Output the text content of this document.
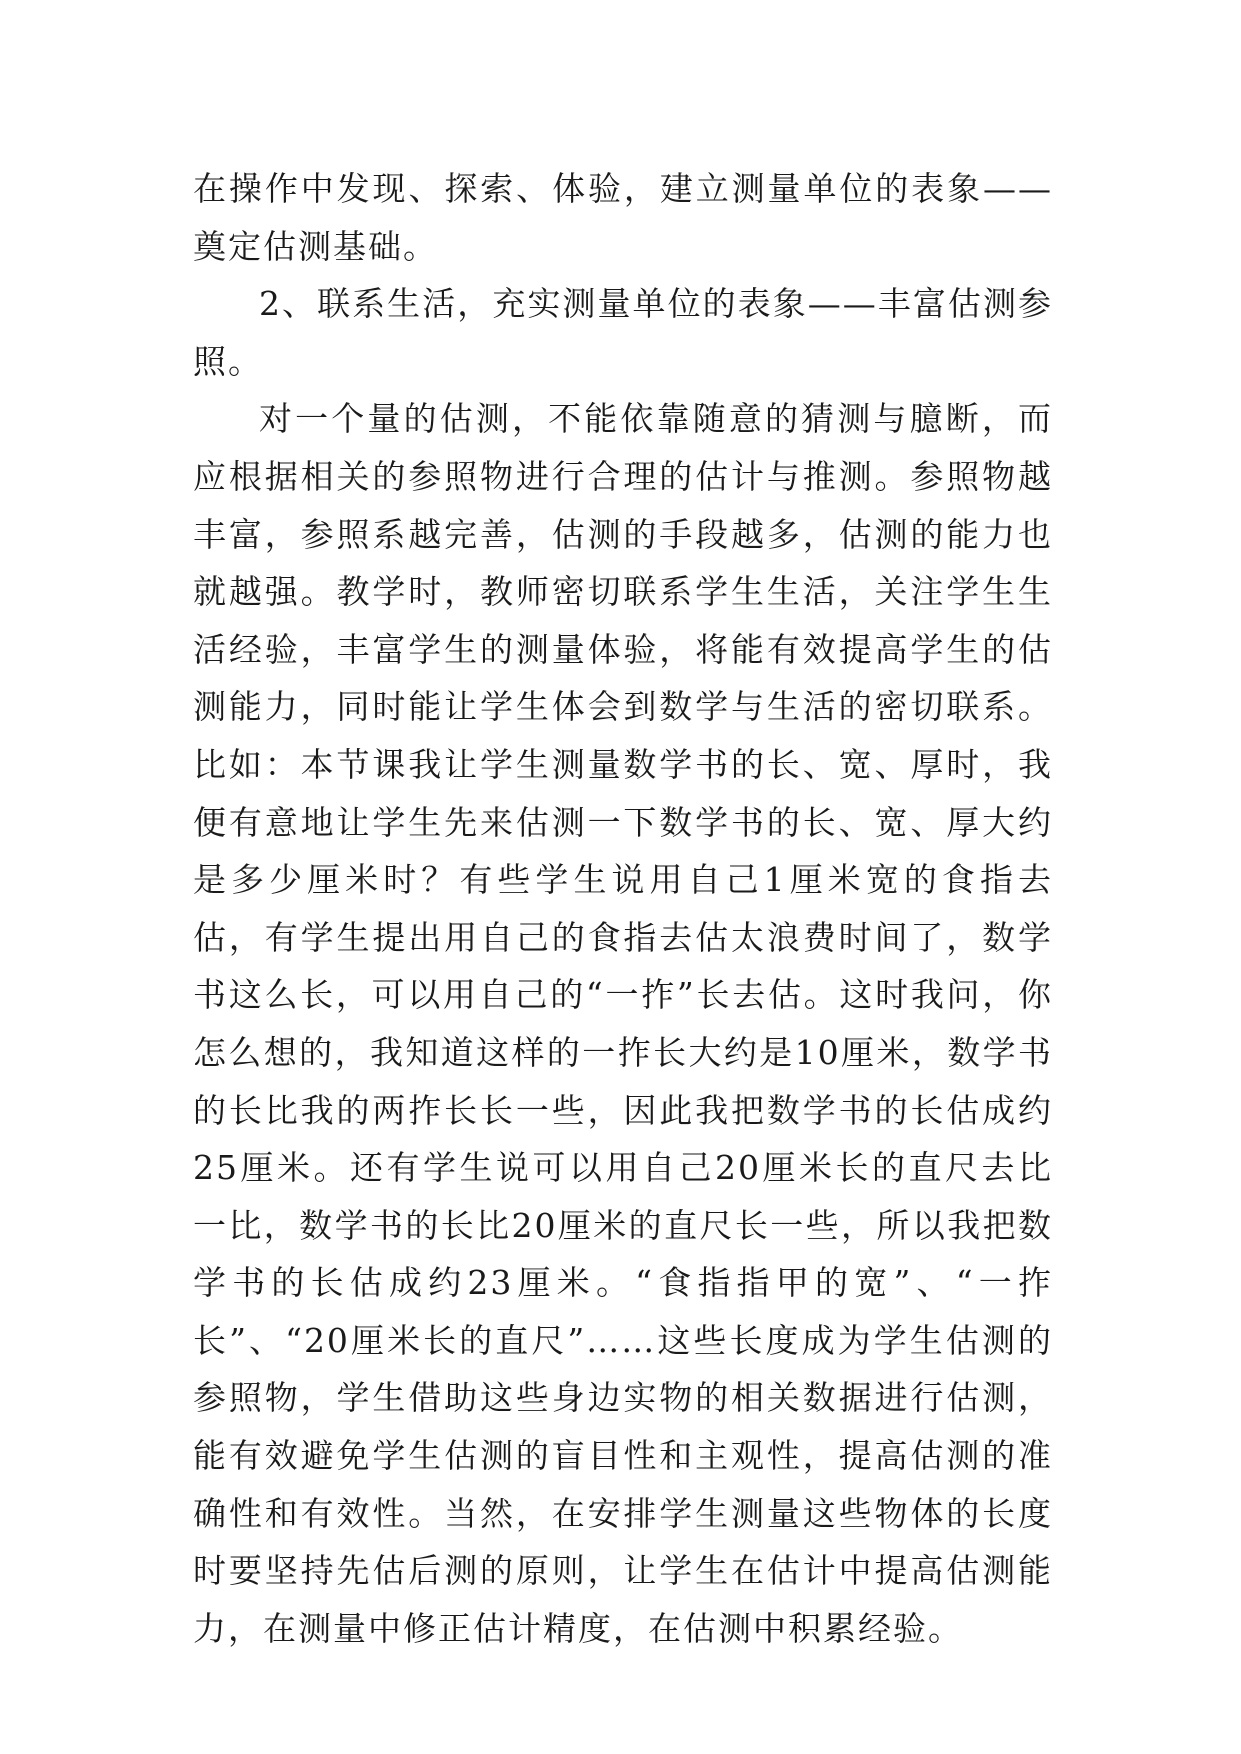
在操作中发现、探索、体验，建立测量单位的表象——奠定估测基础。

2、联系生活，充实测量单位的表象——丰富估测参照。

对一个量的估测，不能依靠随意的猜测与臆断，而应根据相关的参照物进行合理的估计与推测。参照物越丰富，参照系越完善，估测的手段越多，估测的能力也就越强。教学时，教师密切联系学生生活，关注学生生活经验，丰富学生的测量体验，将能有效提高学生的估测能力，同时能让学生体会到数学与生活的密切联系。比如：本节课我让学生测量数学书的长、宽、厚时，我便有意地让学生先来估测一下数学书的长、宽、厚大约是多少厘米时？有些学生说用自己1厘米宽的食指去估，有学生提出用自己的食指去估太浪费时间了，数学书这么长，可以用自己的“一拃”长去估。这时我问，你怎么想的，我知道这样的一拃长大约是10厘米，数学书的长比我的两拃长长一些，因此我把数学书的长估成约25厘米。还有学生说可以用自己20厘米长的直尺去比一比，数学书的长比20厘米的直尺长一些，所以我把数学书的长估成约23厘米。“食指指甲的宽”、“一拃长”、“20厘米长的直尺”……这些长度成为学生估测的参照物，学生借助这些身边实物的相关数据进行估测，能有效避免学生估测的盲目性和主观性，提高估测的准确性和有效性。当然，在安排学生测量这些物体的长度时要坚持先估后测的原则，让学生在估计中提高估测能力，在测量中修正估计精度，在估测中积累经验。
